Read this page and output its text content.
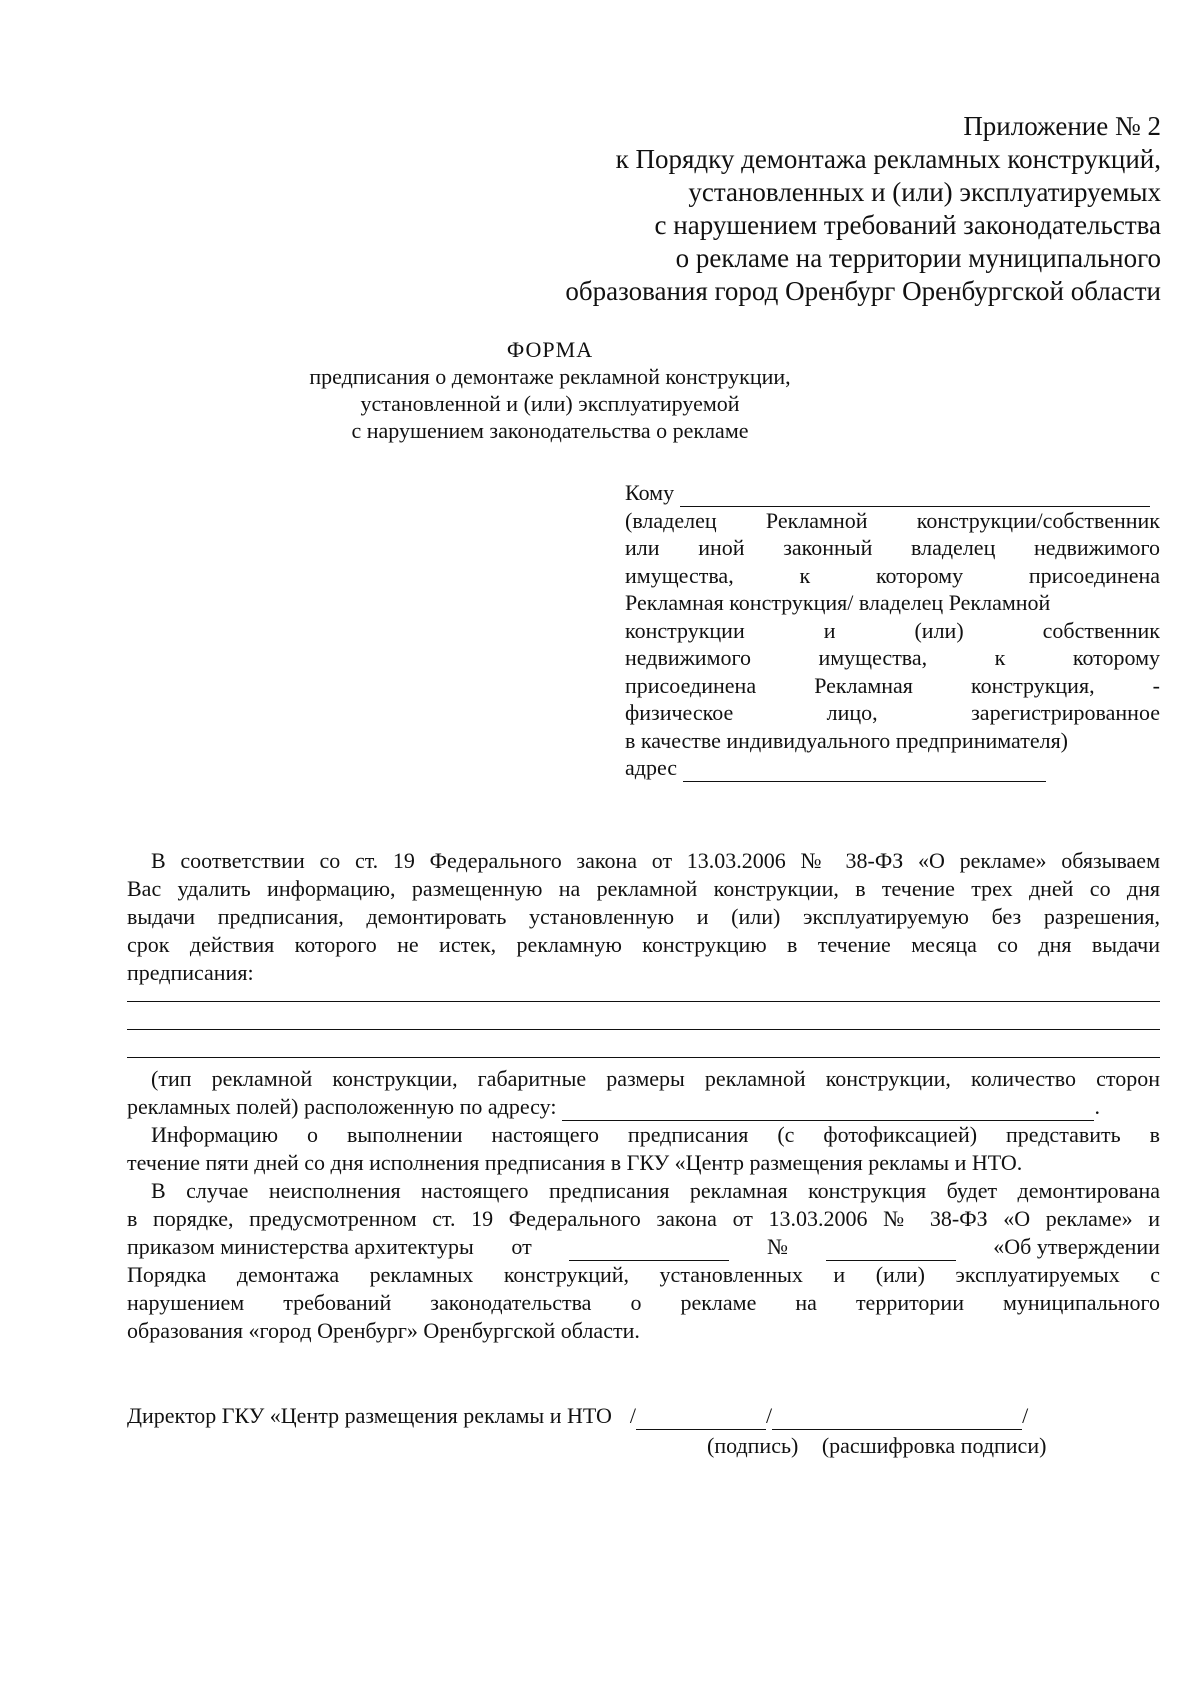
Приложение № 2
к Порядку демонтажа рекламных конструкций,
установленных и (или) эксплуатируемых
с нарушением требований законодательства
о рекламе на территории муниципального
образования город Оренбург Оренбургской области
ФОРМА
предписания о демонтаже рекламной конструкции,
установленной и (или) эксплуатируемой
с нарушением законодательства о рекламе
Кому
(владелец Рекламной конструкции/собственник
или иной законный владелец недвижимого
имущества, к которому присоединена
Рекламная конструкция/ владелец Рекламной
конструкции и (или) собственник
недвижимого имущества, к которому
присоединена Рекламная конструкция, -
физическое лицо, зарегистрированное
в качестве индивидуального предпринимателя)
адрес
В соответствии со ст. 19 Федерального закона от 13.03.2006 № 38-ФЗ «О рекламе» обязываем
Вас удалить информацию, размещенную на рекламной конструкции, в течение трех дней со дня
выдачи предписания, демонтировать установленную и (или) эксплуатируемую без разрешения,
срок действия которого не истек, рекламную конструкцию в течение месяца со дня выдачи
предписания:
(тип рекламной конструкции, габаритные размеры рекламной конструкции, количество сторон
рекламных полей) расположенную по адресу:	.
Информацию о выполнении настоящего предписания (с фотофиксацией) представить в
течение пяти дней со дня исполнения предписания в ГКУ «Центр размещения рекламы и НТО.
В случае неисполнения настоящего предписания рекламная конструкция будет демонтирована
в порядке, предусмотренном ст. 19 Федерального закона от 13.03.2006 № 38-ФЗ «О рекламе» и
приказом министерства архитектуры от	№	«Об утверждении
Порядка демонтажа рекламных конструкций, установленных и (или) эксплуатируемых с
нарушением требований законодательства о рекламе на территории муниципального
образования «город Оренбург» Оренбургской области.
Директор ГКУ «Центр размещения рекламы и НТО /	/	/
(подпись) (расшифровка подписи)
